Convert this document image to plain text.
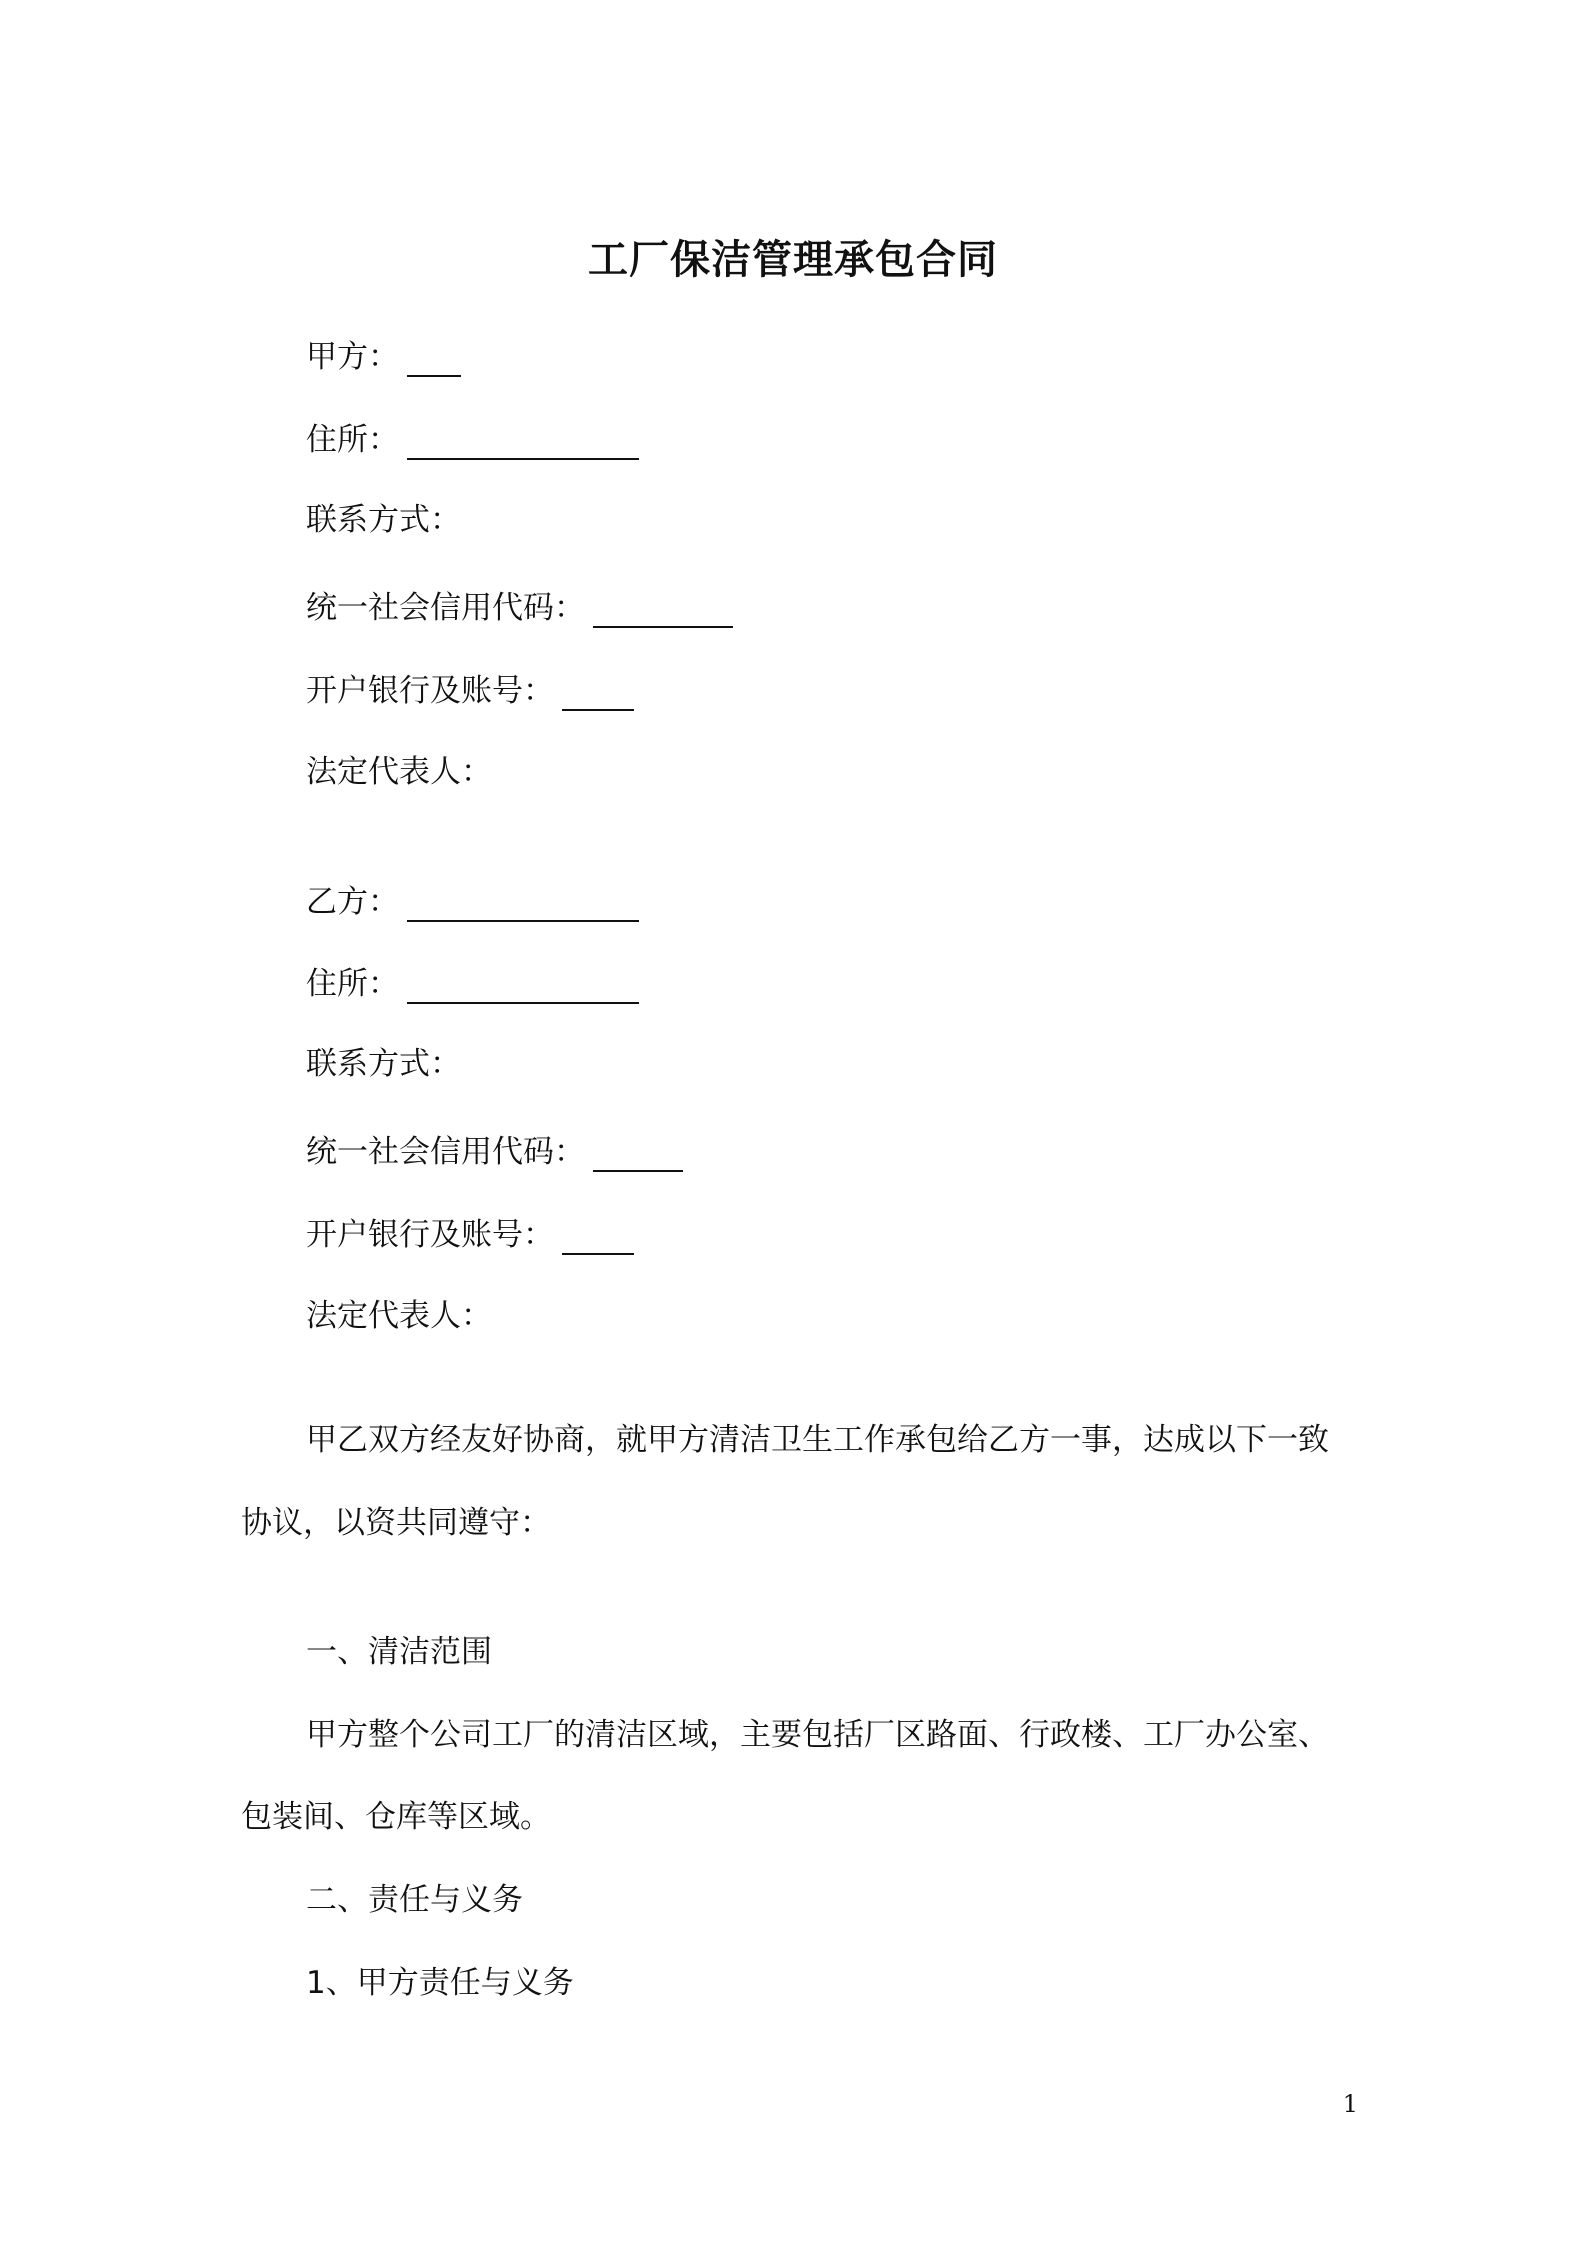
工厂保洁管理承包合同
甲方：
住所：
联系方式：
统一社会信用代码：
开户银行及账号：
法定代表人：
乙方：
住所：
联系方式：
统一社会信用代码：
开户银行及账号：
法定代表人：
甲乙双方经友好协商，就甲方清洁卫生工作承包给乙方一事，达成以下一致
协议，以资共同遵守：
一、清洁范围
甲方整个公司工厂的清洁区域，主要包括厂区路面、行政楼、工厂办公室、
包装间、仓库等区域。
二、责任与义务
1、甲方责任与义务
1
